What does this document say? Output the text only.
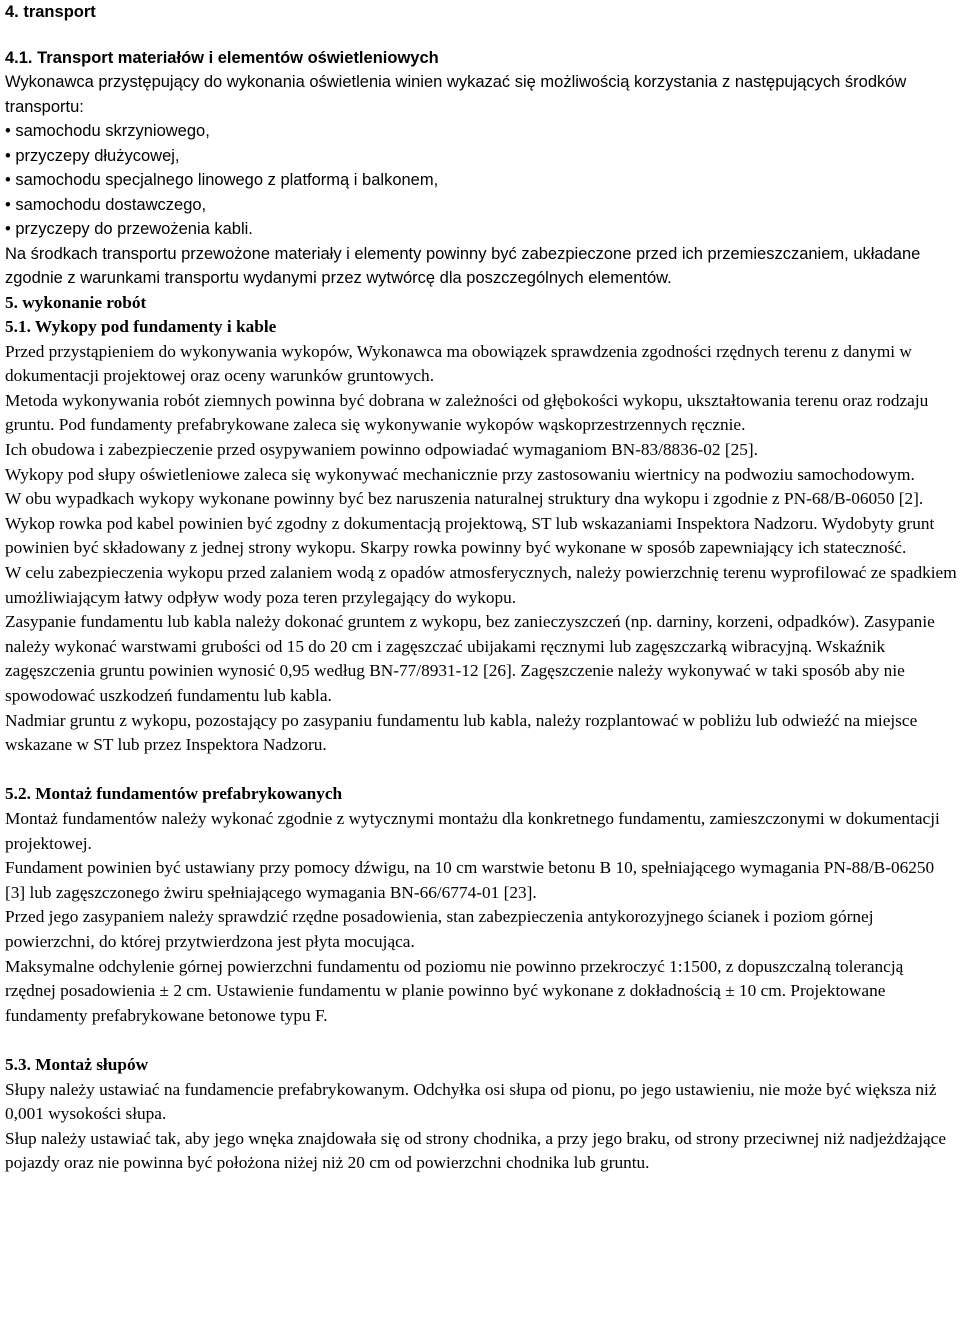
4. transport
4.1. Transport materiałów i elementów oświetleniowych

Wykonawca przystępujący do wykonania oświetlenia winien wykazać się możliwością korzystania z następujących środków transportu:

• samochodu skrzyniowego,
• przyczepy dłużycowej,
• samochodu specjalnego linowego z platformą i balkonem,
• samochodu dostawczego,
• przyczepy do przewożenia kabli.

Na środkach transportu przewożone materiały i elementy powinny być zabezpieczone przed ich przemieszczaniem, układane zgodnie z warunkami transportu wydanymi przez wytwórcę dla poszczególnych elementów.

5. wykonanie robót
5.1. Wykopy pod fundamenty i kable

Przed przystąpieniem do wykonywania wykopów, Wykonawca ma obowiązek sprawdzenia zgodności rzędnych terenu z danymi w dokumentacji projektowej oraz oceny warunków gruntowych.

Metoda wykonywania robót ziemnych powinna być dobrana w zależności od głębokości wykopu, ukształtowania terenu oraz rodzaju gruntu. Pod fundamenty prefabrykowane zaleca się wykonywanie wykopów wąskoprzestrzennych ręcznie.

Ich obudowa i zabezpieczenie przed osypywaniem powinno odpowiadać wymaganiom BN-83/8836-02 [25].

Wykopy pod słupy oświetleniowe zaleca się wykonywać mechanicznie przy zastosowaniu wiertnicy na podwoziu samochodowym.

W obu wypadkach wykopy wykonane powinny być bez naruszenia naturalnej struktury dna wykopu i zgodnie z PN-68/B-06050 [2].

Wykop rowka pod kabel powinien być zgodny z dokumentacją projektową, ST lub wskazaniami Inspektora Nadzoru. Wydobyty grunt powinien być składowany z jednej strony wykopu. Skarpy rowka powinny być wykonane w sposób zapewniający ich stateczność.

W celu zabezpieczenia wykopu przed zalaniem wodą z opadów atmosferycznych, należy powierzchnię terenu wyprofilować ze spadkiem umożliwiającym łatwy odpływ wody poza teren przylegający do wykopu.

Zasypanie fundamentu lub kabla należy dokonać gruntem z wykopu, bez zanieczyszczeń (np. darniny, korzeni, odpadków). Zasypanie należy wykonać warstwami grubości od 15 do 20 cm i zagęszczać ubijakami ręcznymi lub zagęszczarką wibracyjną. Wskaźnik zagęszczenia gruntu powinien wynosić 0,95 według BN-77/8931-12 [26]. Zagęszczenie należy wykonywać w taki sposób aby nie spowodować uszkodzeń fundamentu lub kabla.

Nadmiar gruntu z wykopu, pozostający po zasypaniu fundamentu lub kabla, należy rozplantować w pobliżu lub odwieźć na miejsce wskazane w ST lub przez Inspektora Nadzoru.

5.2. Montaż fundamentów prefabrykowanych

Montaż fundamentów należy wykonać zgodnie z wytycznymi montażu dla konkretnego fundamentu, zamieszczonymi w dokumentacji projektowej.

Fundament powinien być ustawiany przy pomocy dźwigu, na 10 cm warstwie betonu B 10, spełniającego wymagania PN-88/B-06250 [3] lub zagęszczonego żwiru spełniającego wymagania BN-66/6774-01 [23].

Przed jego zasypaniem należy sprawdzić rzędne posadowienia, stan zabezpieczenia antykorozyjnego ścianek i poziom górnej powierzchni, do której przytwierdzona jest płyta mocująca.

Maksymalne odchylenie górnej powierzchni fundamentu od poziomu nie powinno przekroczyć 1:1500, z dopuszczalną tolerancją rzędnej posadowienia ± 2 cm. Ustawienie fundamentu w planie powinno być wykonane z dokładnością ± 10 cm. Projektowane fundamenty prefabrykowane betonowe typu F.

5.3. Montaż słupów

Słupy należy ustawiać na fundamencie prefabrykowanym. Odchyłka osi słupa od pionu, po jego ustawieniu, nie może być większa niż 0,001 wysokości słupa.

Słup należy ustawiać tak, aby jego wnęka znajdowała się od strony chodnika, a przy jego braku, od strony przeciwnej niż nadjeżdżające pojazdy oraz nie powinna być położona niżej niż 20 cm od powierzchni chodnika lub gruntu.
